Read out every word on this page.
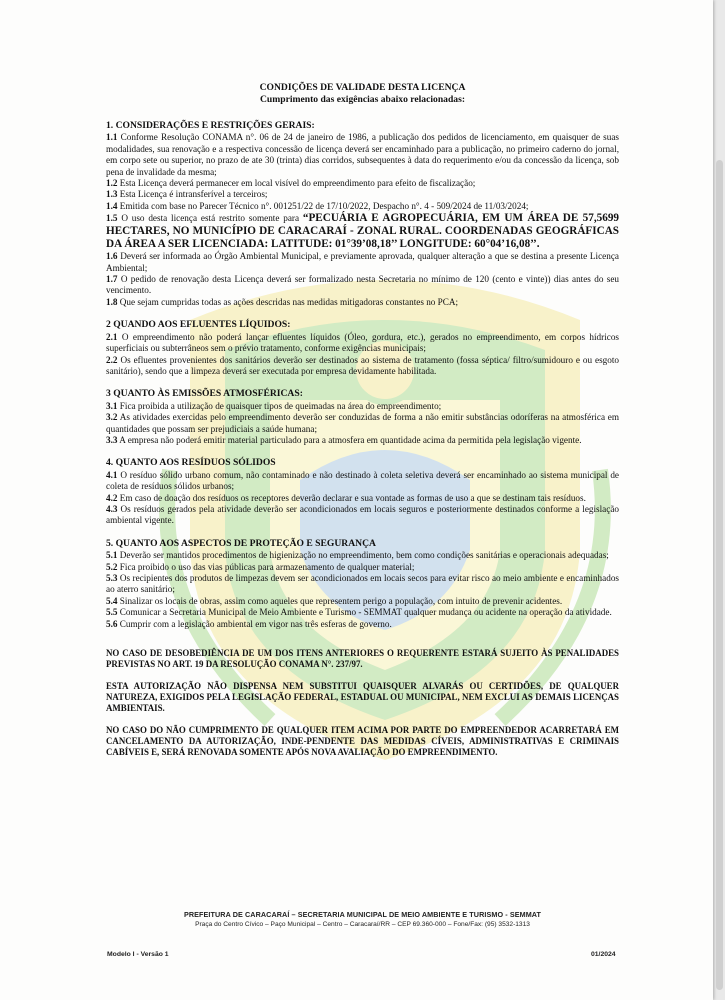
CONDIÇÕES DE VALIDADE DESTA LICENÇA
Cumprimento das exigências abaixo relacionadas:
1. CONSIDERAÇÕES E RESTRIÇÕES GERAIS:
1.1 Conforme Resolução CONAMA n°. 06 de 24 de janeiro de 1986, a publicação dos pedidos de licenciamento, em quaisquer de suas modalidades, sua renovação e a respectiva concessão de licença deverá ser encaminhado para a publicação, no primeiro caderno do jornal, em corpo sete ou superior, no prazo de ate 30 (trinta) dias corridos, subsequentes à data do requerimento e/ou da concessão da licença, sob pena de invalidade da mesma;
1.2 Esta Licença deverá permanecer em local visível do empreendimento para efeito de fiscalização;
1.3 Esta Licença é intransferível a terceiros;
1.4 Emitida com base no Parecer Técnico n°. 001251/22 de 17/10/2022, Despacho n°. 4 - 509/2024 de 11/03/2024;
1.5 O uso desta licença está restrito somente para “PECUÁRIA E AGROPECUÁRIA, EM UM ÁREA DE 57,5699 HECTARES, NO MUNICÍPIO DE CARACARAÍ - ZONAL RURAL. COORDENADAS GEOGRÁFICAS DA ÁREA A SER LICENCIADA: LATITUDE: 01°39’08,18’’ LONGITUDE: 60°04’16,08’’.
1.6 Deverá ser informada ao Órgão Ambiental Municipal, e previamente aprovada, qualquer alteração a que se destina a presente Licença Ambiental;
1.7 O pedido de renovação desta Licença deverá ser formalizado nesta Secretaria no mínimo de 120 (cento e vinte)) dias antes do seu vencimento.
1.8 Que sejam cumpridas todas as ações descridas nas medidas mitigadoras constantes no PCA;
2 QUANDO AOS EFLUENTES LÍQUIDOS:
2.1 O empreendimento não poderá lançar efluentes líquidos (Óleo, gordura, etc.), gerados no empreendimento, em corpos hídricos superficiais ou subterrâneos sem o prévio tratamento, conforme exigências municipais;
2.2 Os efluentes provenientes dos sanitários deverão ser destinados ao sistema de tratamento (fossa séptica/ filtro/sumidouro e ou esgoto sanitário), sendo que a limpeza deverá ser executada por empresa devidamente habilitada.
3 QUANTO ÀS EMISSÕES ATMOSFÉRICAS:
3.1 Fica proibida a utilização de quaisquer tipos de queimadas na área do empreendimento;
3.2 As atividades exercidas pelo empreendimento deverão ser conduzidas de forma a não emitir substâncias odoríferas na atmosférica em quantidades que possam ser prejudiciais a saúde humana;
3.3 A empresa não poderá emitir material particulado para a atmosfera em quantidade acima da permitida pela legislação vigente.
4. QUANTO AOS RESÍDUOS SÓLIDOS
4.1 O resíduo sólido urbano comum, não contaminado e não destinado à coleta seletiva deverá ser encaminhado ao sistema municipal de coleta de resíduos sólidos urbanos;
4.2 Em caso de doação dos resíduos os receptores deverão declarar e sua vontade as formas de uso a que se destinam tais resíduos.
4.3 Os resíduos gerados pela atividade deverão ser acondicionados em locais seguros e posteriormente destinados conforme a legislação ambiental vigente.
5. QUANTO AOS ASPECTOS DE PROTEÇÃO E SEGURANÇA
5.1 Deverão ser mantidos procedimentos de higienização no empreendimento, bem como condições sanitárias e operacionais adequadas;
5.2 Fica proibido o uso das vias públicas para armazenamento de qualquer material;
5.3 Os recipientes dos produtos de limpezas devem ser acondicionados em locais secos para evitar risco ao meio ambiente e encaminhados ao aterro sanitário;
5.4 Sinalizar os locais de obras, assim como aqueles que representem perigo a população, com intuito de prevenir acidentes.
5.5 Comunicar a Secretaria Municipal de Meio Ambiente e Turismo - SEMMAT qualquer mudança ou acidente na operação da atividade.
5.6 Cumprir com a legislação ambiental em vigor nas três esferas de governo.
NO CASO DE DESOBEDIÊNCIA DE UM DOS ITENS ANTERIORES O REQUERENTE ESTARÁ SUJEITO ÀS PENALIDADES PREVISTAS NO ART. 19 DA RESOLUÇÃO CONAMA N°. 237/97.
ESTA AUTORIZAÇÃO NÃO DISPENSA NEM SUBSTITUI QUAISQUER ALVARÁS OU CERTIDÕES, DE QUALQUER NATUREZA, EXIGIDOS PELA LEGISLAÇÃO FEDERAL, ESTADUAL OU MUNICIPAL, NEM EXCLUI AS DEMAIS LICENÇAS AMBIENTAIS.
NO CASO DO NÃO CUMPRIMENTO DE QUALQUER ITEM ACIMA POR PARTE DO EMPREENDEDOR ACARRETARÁ EM CANCELAMENTO DA AUTORIZAÇÃO, INDE-PENDENTE DAS MEDIDAS CÍVEIS, ADMINISTRATIVAS E CRIMINAIS CABÍVEIS E, SERÁ RENOVADA SOMENTE APÓS NOVA AVALIAÇÃO DO EMPREENDIMENTO.
PREFEITURA DE CARACARAÍ – SECRETARIA MUNICIPAL DE MEIO AMBIENTE E TURISMO - SEMMAT
Praça do Centro Cívico – Paço Municipal – Centro – Caracaraí/RR – CEP 69.360-000 – Fone/Fax: (95) 3532-1313
Modelo I - Versão 1	01/2024
